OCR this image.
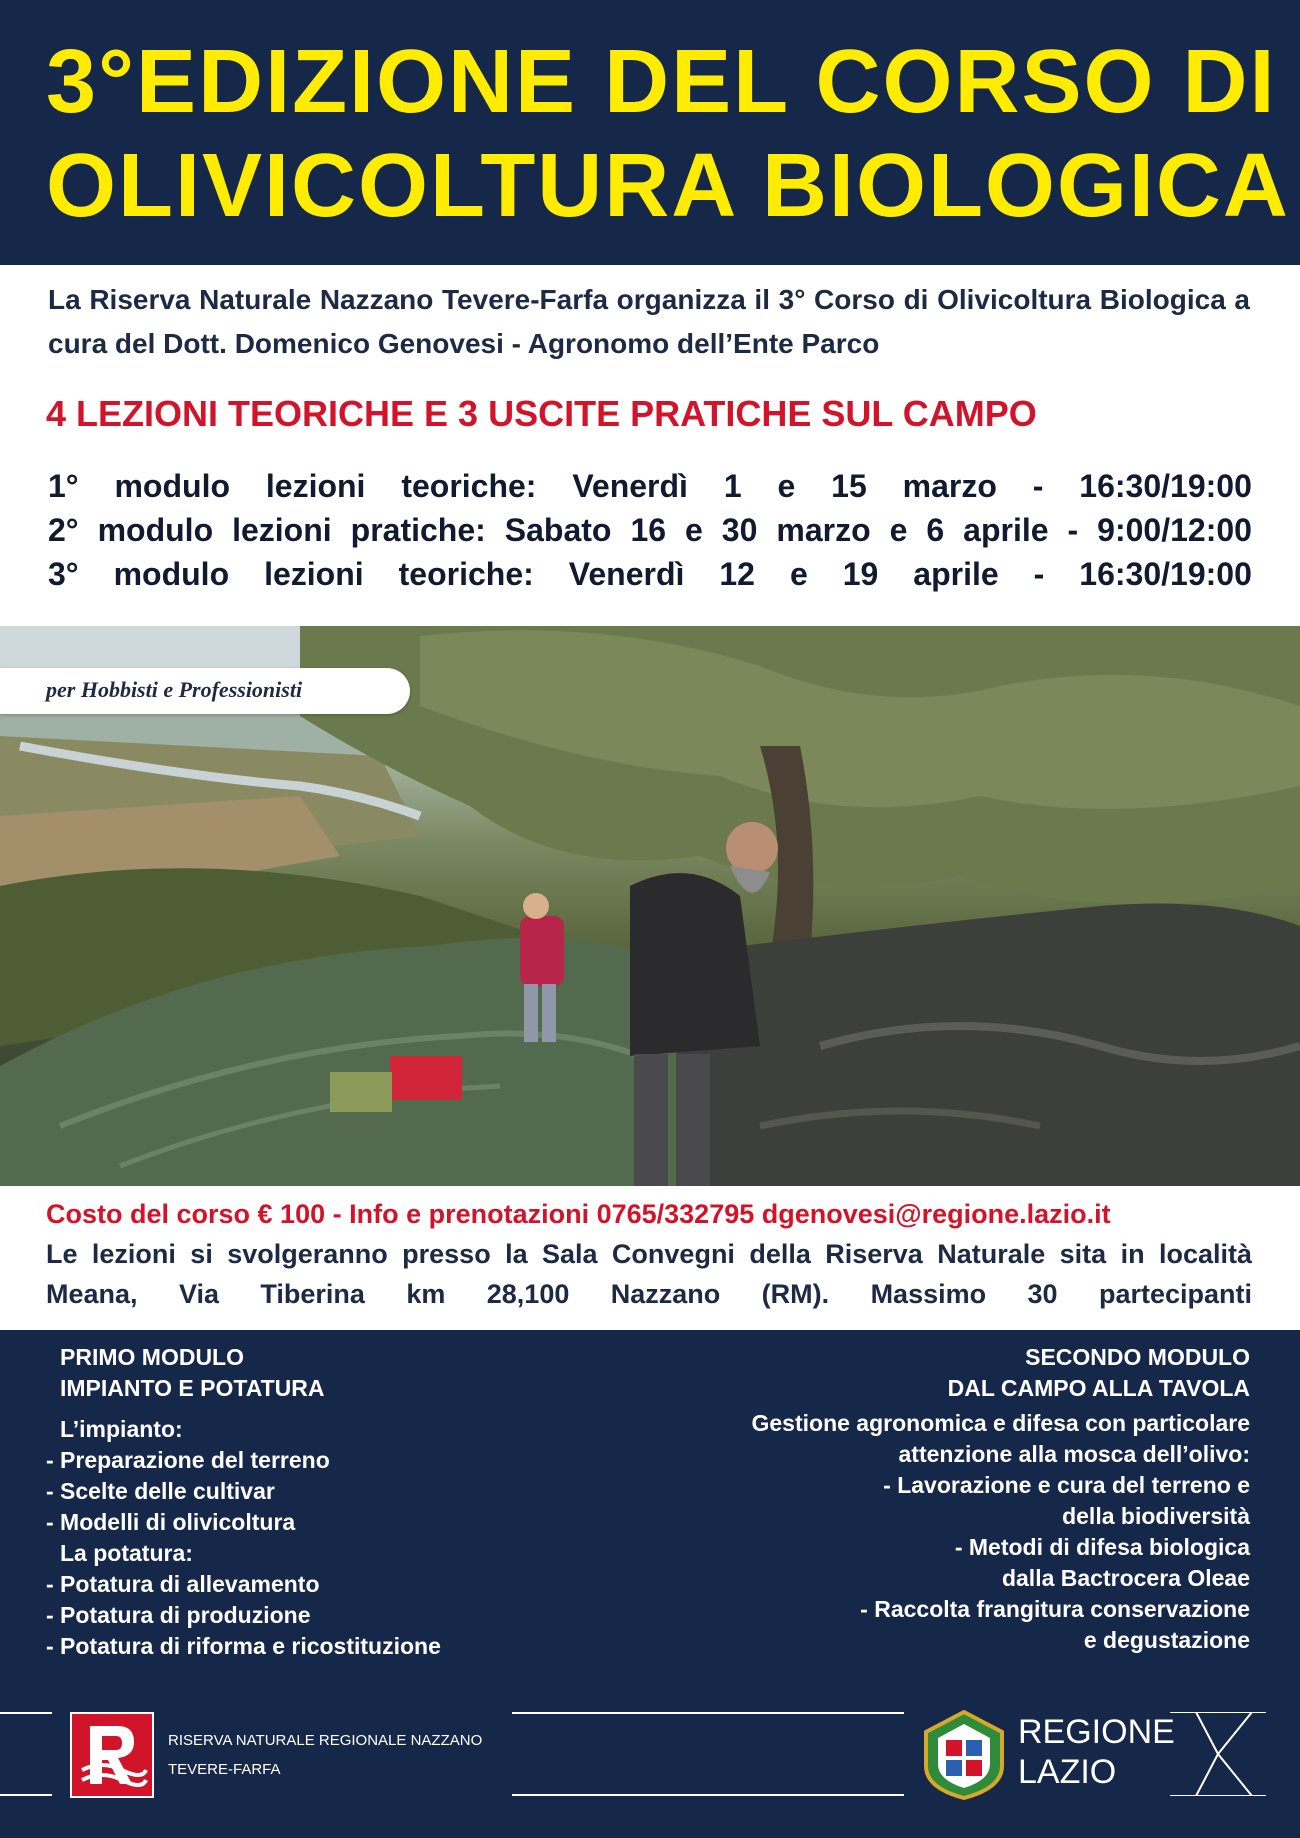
3°EDIZIONE DEL CORSO DI
OLIVICOLTURA BIOLOGICA
La Riserva Naturale Nazzano Tevere-Farfa organizza il 3° Corso di Olivicoltura Biologica a cura del Dott. Domenico Genovesi - Agronomo dell’Ente Parco
4 LEZIONI TEORICHE E 3 USCITE PRATICHE SUL CAMPO
1° modulo lezioni teoriche: Venerdì 1 e 15 marzo - 16:30/19:00
2° modulo lezioni pratiche: Sabato 16 e 30 marzo e 6 aprile - 9:00/12:00
3° modulo lezioni teoriche: Venerdì 12 e 19 aprile - 16:30/19:00
per Hobbisti e Professionisti
Costo del corso € 100 - Info e prenotazioni 0765/332795 dgenovesi@regione.lazio.it
Le lezioni si svolgeranno presso la Sala Convegni della Riserva Naturale sita in località Meana, Via Tiberina km 28,100 Nazzano (RM). Massimo 30 partecipanti
PRIMO MODULO
IMPIANTO E POTATURA
L’impianto:
- Preparazione del terreno
- Scelte delle cultivar
- Modelli di olivicoltura
La potatura:
- Potatura di allevamento
- Potatura di produzione
- Potatura di riforma e ricostituzione
SECONDO MODULO
DAL CAMPO ALLA TAVOLA
Gestione agronomica e difesa con particolare
attenzione alla mosca dell’olivo:
- Lavorazione e cura del terreno e
della biodiversità
- Metodi di difesa biologica
dalla Bactrocera Oleae
- Raccolta frangitura conservazione
e degustazione
RISERVA NATURALE REGIONALE NAZZANO
TEVERE-FARFA
REGIONE
LAZIO
